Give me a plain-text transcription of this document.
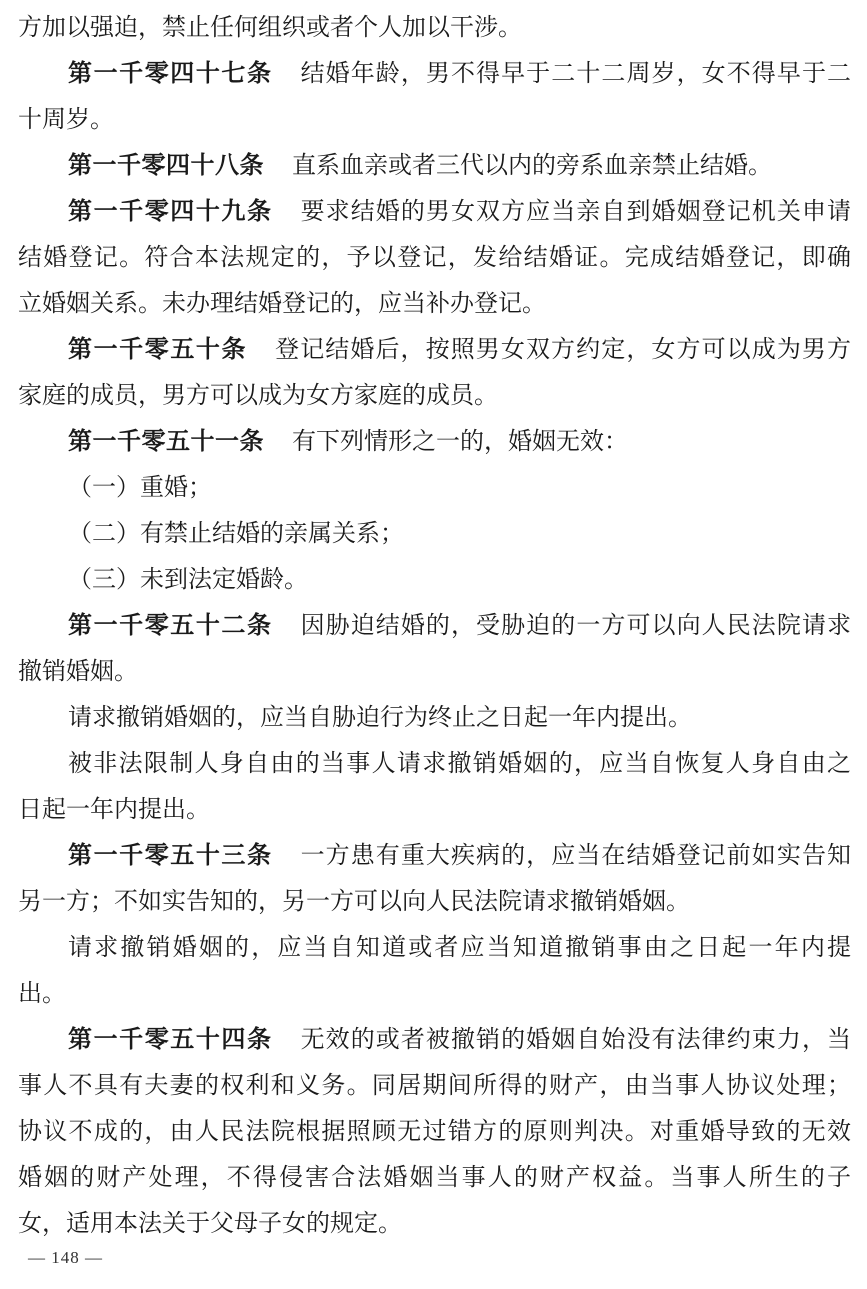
方加以强迫，禁止任何组织或者个人加以干涉。
第一千零四十七条 结婚年龄，男不得早于二十二周岁，女不得早于二
十周岁。
第一千零四十八条 直系血亲或者三代以内的旁系血亲禁止结婚。
第一千零四十九条 要求结婚的男女双方应当亲自到婚姻登记机关申请
结婚登记。符合本法规定的，予以登记，发给结婚证。完成结婚登记，即确
立婚姻关系。未办理结婚登记的，应当补办登记。
第一千零五十条 登记结婚后，按照男女双方约定，女方可以成为男方
家庭的成员，男方可以成为女方家庭的成员。
第一千零五十一条 有下列情形之一的，婚姻无效：
（一）重婚；
（二）有禁止结婚的亲属关系；
（三）未到法定婚龄。
第一千零五十二条 因胁迫结婚的，受胁迫的一方可以向人民法院请求
撤销婚姻。
请求撤销婚姻的，应当自胁迫行为终止之日起一年内提出。
被非法限制人身自由的当事人请求撤销婚姻的，应当自恢复人身自由之
日起一年内提出。
第一千零五十三条 一方患有重大疾病的，应当在结婚登记前如实告知
另一方；不如实告知的，另一方可以向人民法院请求撤销婚姻。
请求撤销婚姻的，应当自知道或者应当知道撤销事由之日起一年内提
出。
第一千零五十四条 无效的或者被撤销的婚姻自始没有法律约束力，当
事人不具有夫妻的权利和义务。同居期间所得的财产，由当事人协议处理；
协议不成的，由人民法院根据照顾无过错方的原则判决。对重婚导致的无效
婚姻的财产处理，不得侵害合法婚姻当事人的财产权益。当事人所生的子
女，适用本法关于父母子女的规定。
— 148 —
